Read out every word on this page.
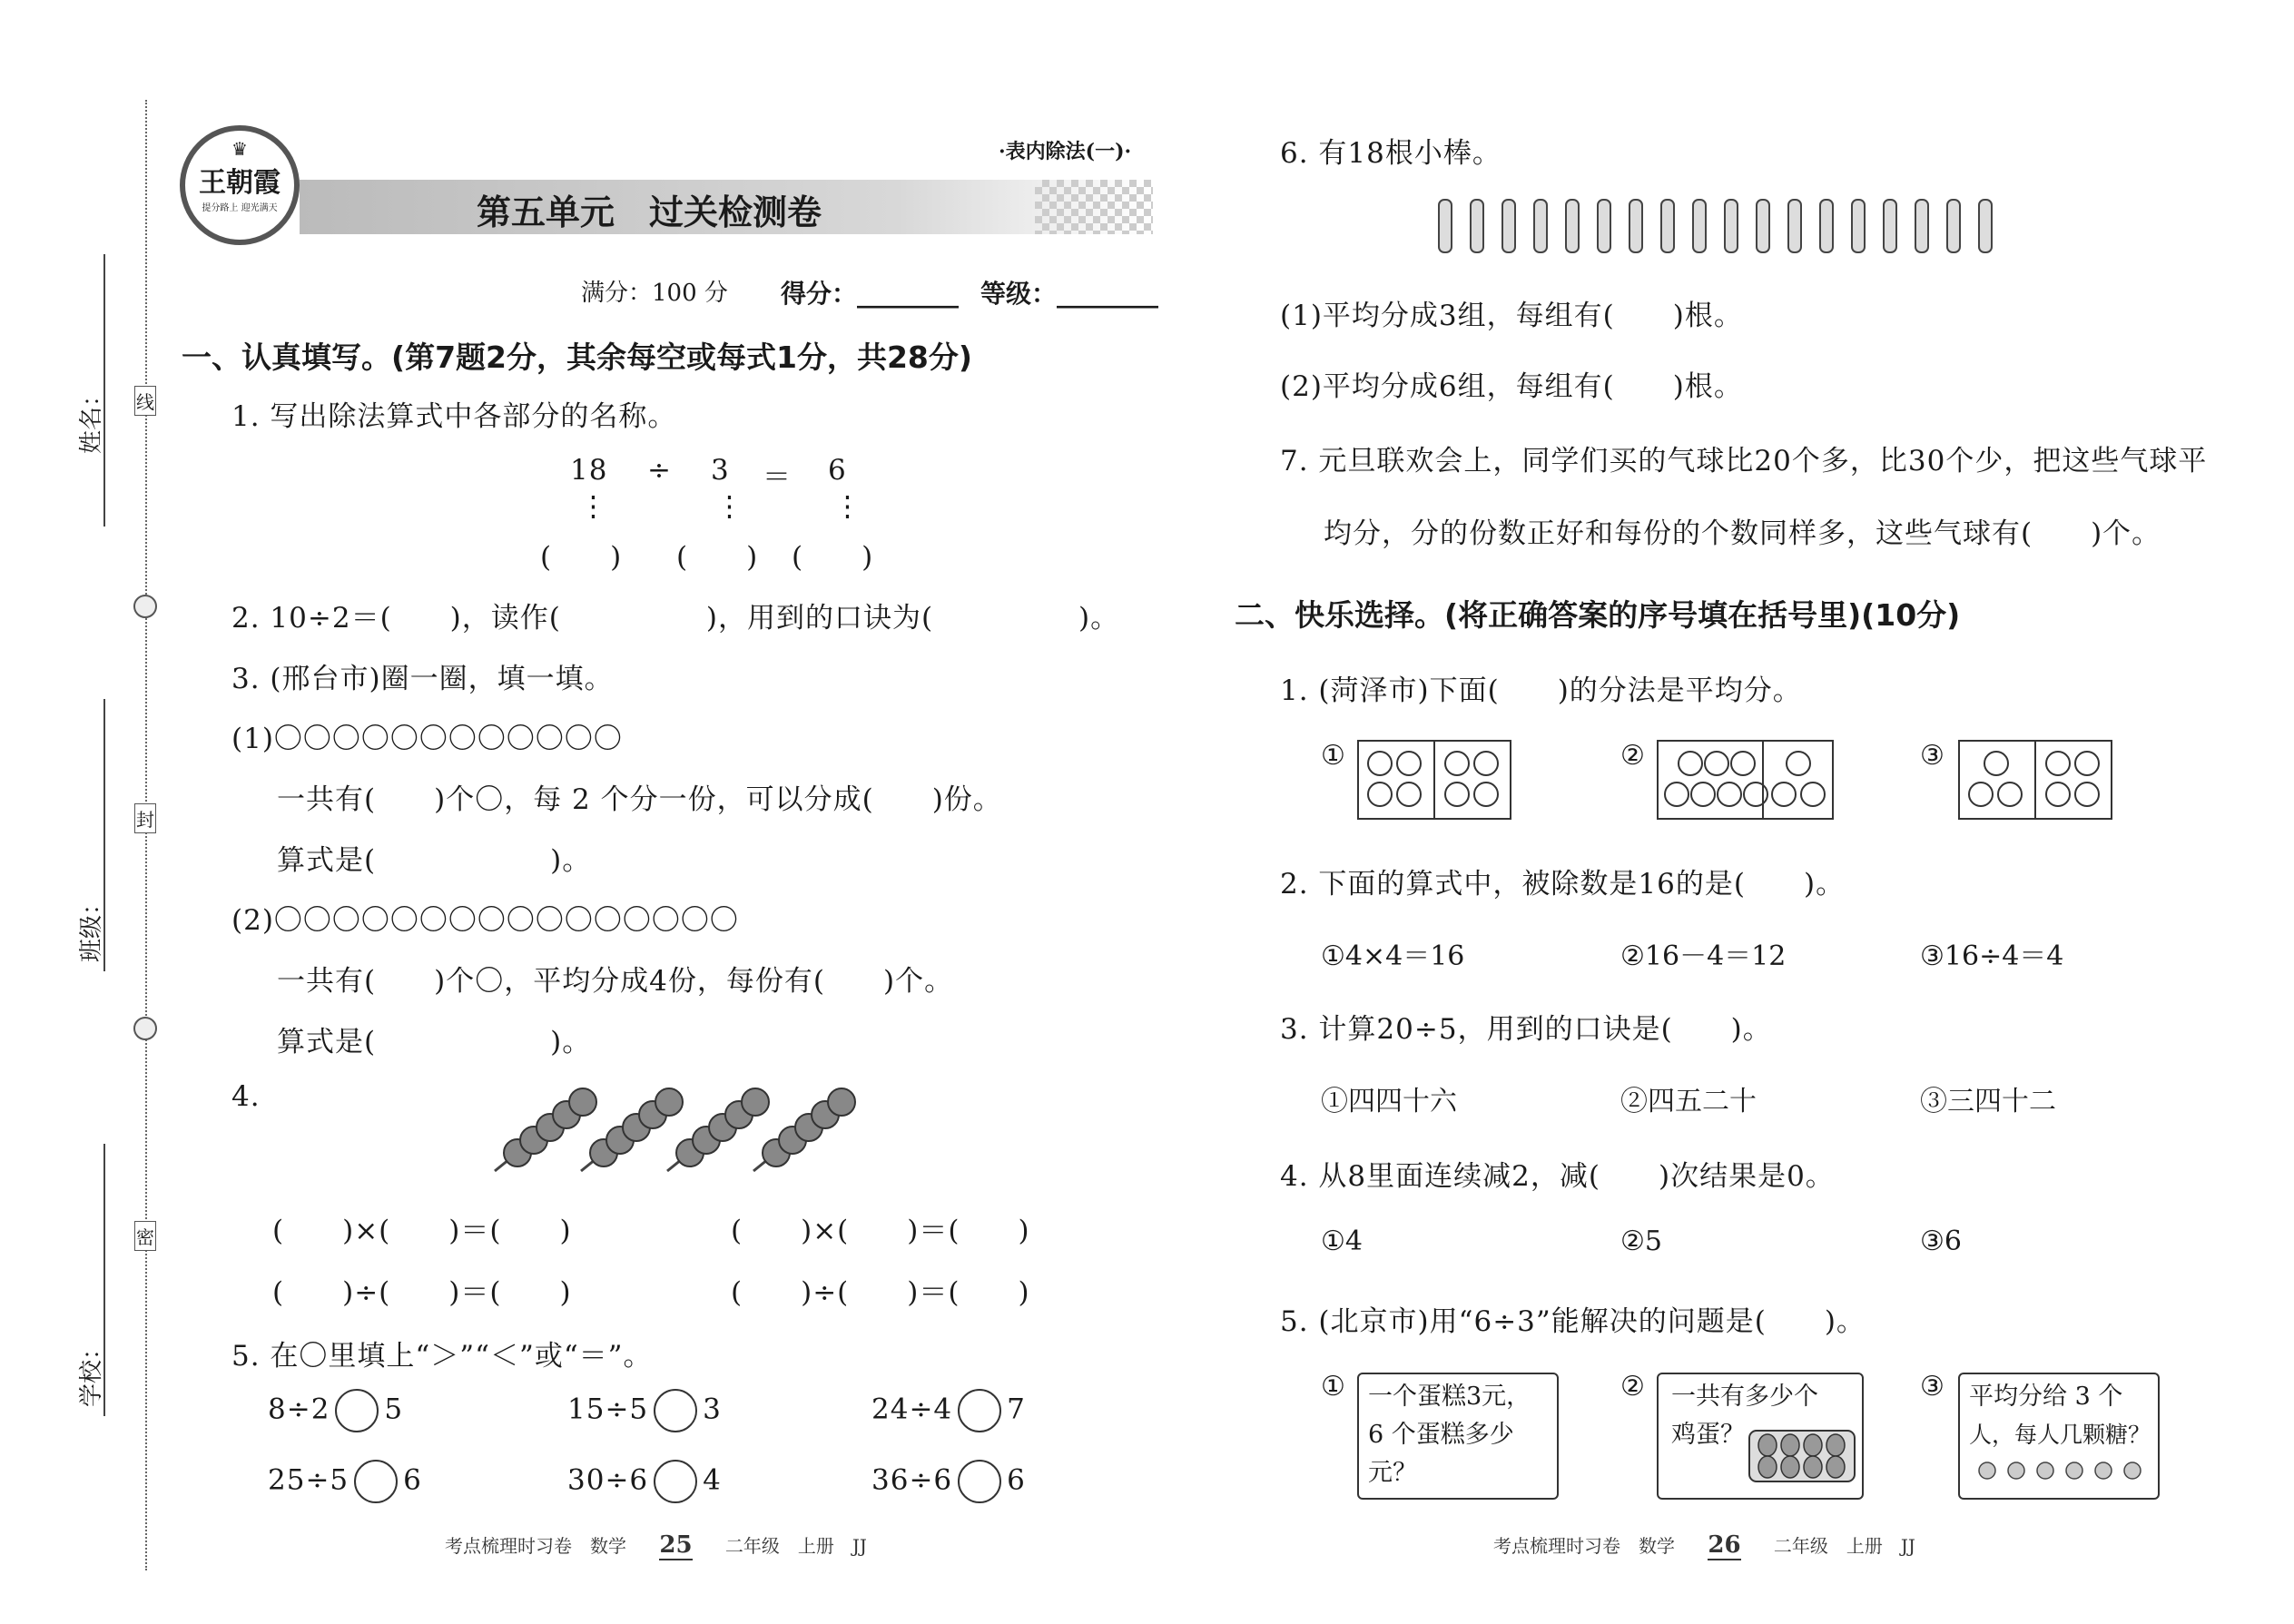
姓名：
班级：
学校：
线
封
密
♛
王朝霞
提分路上 迎光满天
·表内除法(一)·
第五单元　过关检测卷
满分：100 分 得分：________ 等级：________
一、认真填写。(第7题2分，其余每空或每式1分，共28分)
1. 写出除法算式中各部分的名称。
18 ÷ 3 ＝ 6
⋮	⋮	⋮
(　　) (　　) (　　)
2. 10÷2＝(　　)，读作(　　　　　)，用到的口诀为(　　　　　)。
3. (邢台市)圈一圈，填一填。
(1)〇〇〇〇〇〇〇〇〇〇〇〇
一共有(　　)个〇，每 2 个分一份，可以分成(　　)份。
算式是(　　　　　　)。
(2)〇〇〇〇〇〇〇〇〇〇〇〇〇〇〇〇
一共有(　　)个〇，平均分成4份，每份有(　　)个。
算式是(　　　　　　)。
4.
(　　)×(　　)＝(　　)	(　　)×(　　)＝(　　)
(　　)÷(　　)＝(　　)	(　　)÷(　　)＝(　　)
5. 在〇里填上“＞”“＜”或“＝”。
8÷2 5	15÷5 3	24÷4 7
25÷5 6	30÷6 4	36÷6 6
考点梳理时习卷　数学 25 二年级　上册　JJ
6. 有18根小棒。
(1)平均分成3组，每组有(　　)根。
(2)平均分成6组，每组有(　　)根。
7. 元旦联欢会上，同学们买的气球比20个多，比30个少，把这些气球平
均分，分的份数正好和每份的个数同样多，这些气球有(　　)个。
二、快乐选择。(将正确答案的序号填在括号里)(10分)
1. (菏泽市)下面(　　)的分法是平均分。
①	②	③
2. 下面的算式中，被除数是16的是(　　)。
①4×4＝16	②16－4＝12	③16÷4＝4
3. 计算20÷5，用到的口诀是(　　)。
①四四十六	②四五二十	③三四十二
4. 从8里面连续减2，减(　　)次结果是0。
①4	②5	③6
5. (北京市)用“6÷3”能解决的问题是(　　)。
① 一个蛋糕3元，
6 个蛋糕多少
元？
② 一共有多少个
鸡蛋？
③ 平均分给 3 个
人，每人几颗糖？
考点梳理时习卷　数学 26 二年级　上册　JJ
